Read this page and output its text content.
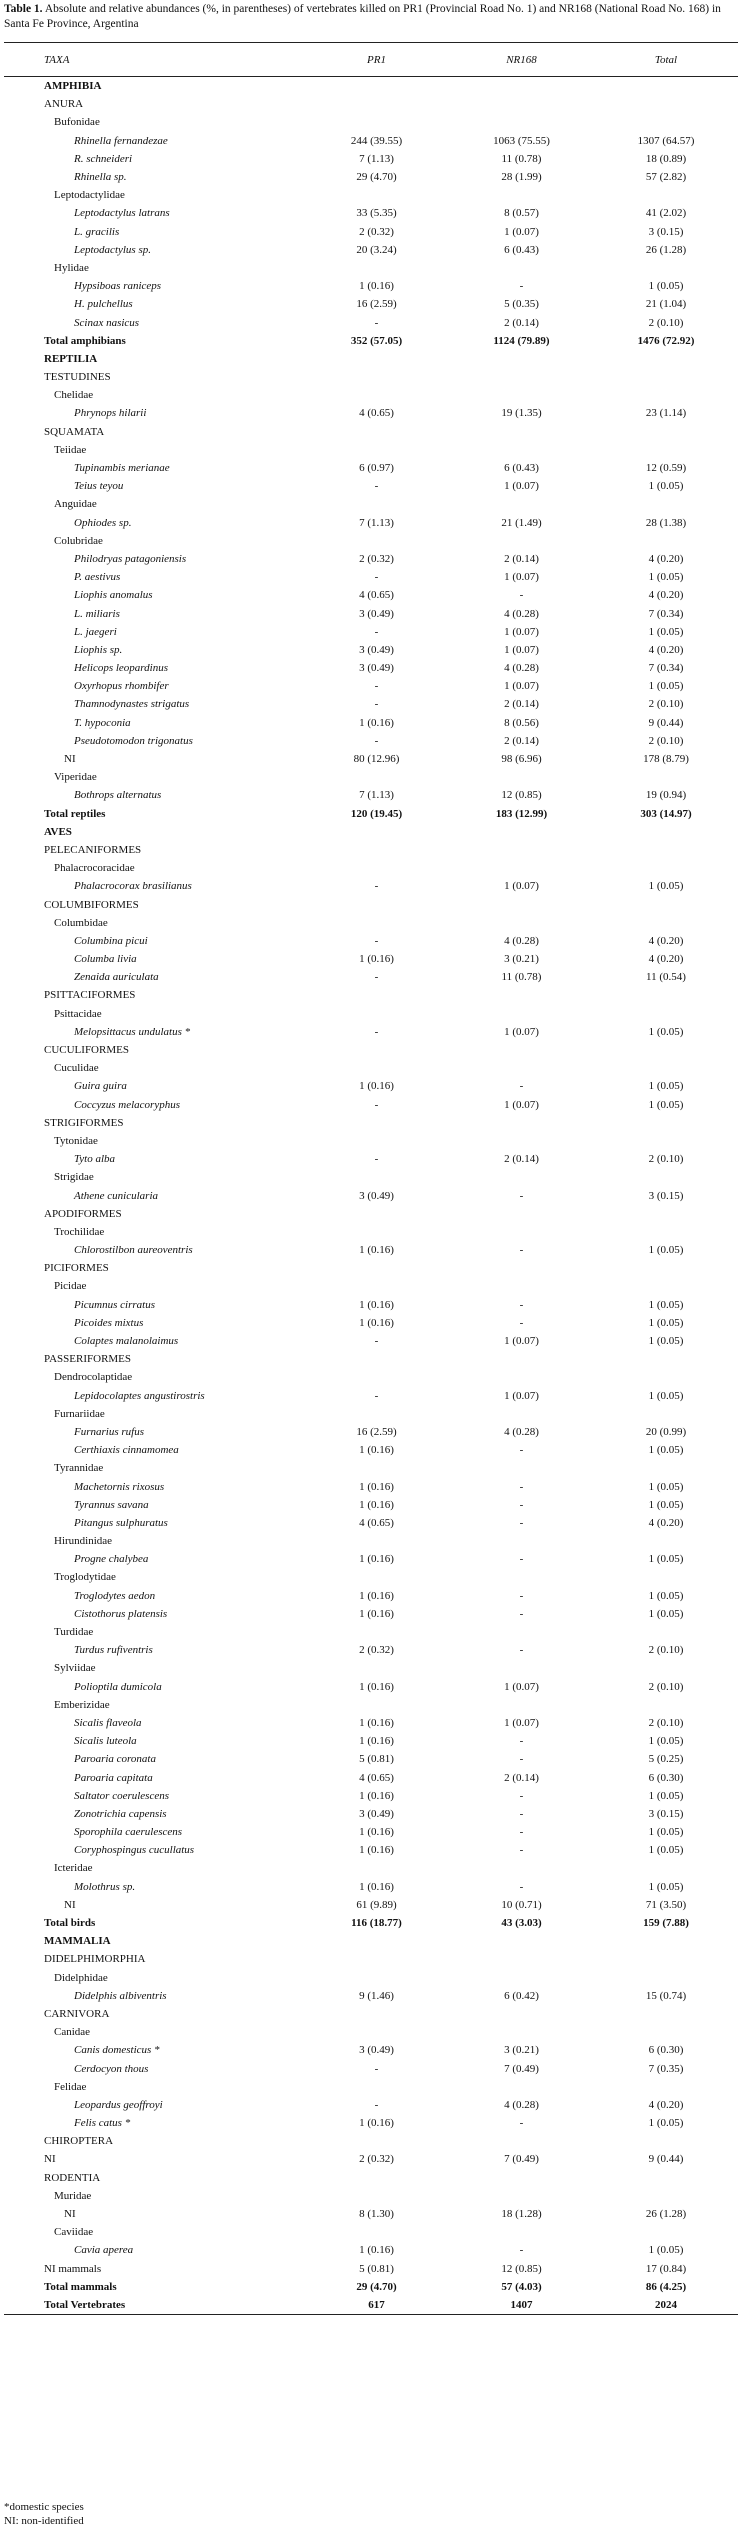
Table 1. Absolute and relative abundances (%, in parentheses) of vertebrates killed on PR1 (Provincial Road No. 1) and NR168 (National Road No. 168) in Santa Fe Province, Argentina
TAXA	PR1	NR168	Total
AMPHIBIA			
ANURA			
Bufonidae			
Rhinella fernandezae	244 (39.55)	1063 (75.55)	1307 (64.57)
R. schneideri	7 (1.13)	11 (0.78)	18 (0.89)
Rhinella sp.	29 (4.70)	28 (1.99)	57 (2.82)
Leptodactylidae			
Leptodactylus latrans	33 (5.35)	8 (0.57)	41 (2.02)
L. gracilis	2 (0.32)	1 (0.07)	3 (0.15)
Leptodactylus sp.	20 (3.24)	6 (0.43)	26 (1.28)
Hylidae			
Hypsiboas raniceps	1 (0.16)	-	1 (0.05)
H. pulchellus	16 (2.59)	5 (0.35)	21 (1.04)
Scinax nasicus	-	2 (0.14)	2 (0.10)
Total amphibians	352 (57.05)	1124 (79.89)	1476 (72.92)
REPTILIA			
TESTUDINES			
Chelidae			
Phrynops hilarii	4 (0.65)	19 (1.35)	23 (1.14)
SQUAMATA			
Teiidae			
Tupinambis merianae	6 (0.97)	6 (0.43)	12 (0.59)
Teius teyou	-	1 (0.07)	1 (0.05)
Anguidae			
Ophiodes sp.	7 (1.13)	21 (1.49)	28 (1.38)
Colubridae			
Philodryas patagoniensis	2 (0.32)	2 (0.14)	4 (0.20)
P. aestivus	-	1 (0.07)	1 (0.05)
Liophis anomalus	4 (0.65)	-	4 (0.20)
L. miliaris	3 (0.49)	4 (0.28)	7 (0.34)
L. jaegeri	-	1 (0.07)	1 (0.05)
Liophis sp.	3 (0.49)	1 (0.07)	4 (0.20)
Helicops leopardinus	3 (0.49)	4 (0.28)	7 (0.34)
Oxyrhopus rhombifer	-	1 (0.07)	1 (0.05)
Thamnodynastes strigatus	-	2 (0.14)	2 (0.10)
T. hypoconia	1 (0.16)	8 (0.56)	9 (0.44)
Pseudotomodon trigonatus	-	2 (0.14)	2 (0.10)
NI	80 (12.96)	98 (6.96)	178 (8.79)
Viperidae			
Bothrops alternatus	7 (1.13)	12 (0.85)	19 (0.94)
Total reptiles	120 (19.45)	183 (12.99)	303 (14.97)
AVES			
PELECANIFORMES			
Phalacrocoracidae			
Phalacrocorax brasilianus	-	1 (0.07)	1 (0.05)
COLUMBIFORMES			
Columbidae			
Columbina picui	-	4 (0.28)	4 (0.20)
Columba livia	1 (0.16)	3 (0.21)	4 (0.20)
Zenaida auriculata	-	11 (0.78)	11 (0.54)
PSITTACIFORMES			
Psittacidae			
Melopsittacus undulatus *	-	1 (0.07)	1 (0.05)
CUCULIFORMES			
Cuculidae			
Guira guira	1 (0.16)	-	1 (0.05)
Coccyzus melacoryphus	-	1 (0.07)	1 (0.05)
STRIGIFORMES			
Tytonidae			
Tyto alba	-	2 (0.14)	2 (0.10)
Strigidae			
Athene cunicularia	3 (0.49)	-	3 (0.15)
APODIFORMES			
Trochilidae			
Chlorostilbon aureoventris	1 (0.16)	-	1 (0.05)
PICIFORMES			
Picidae			
Picumnus cirratus	1 (0.16)	-	1 (0.05)
Picoides mixtus	1 (0.16)	-	1 (0.05)
Colaptes malanolaimus	-	1 (0.07)	1 (0.05)
PASSERIFORMES			
Dendrocolaptidae			
Lepidocolaptes angustirostris	-	1 (0.07)	1 (0.05)
Furnariidae			
Furnarius rufus	16 (2.59)	4 (0.28)	20 (0.99)
Certhiaxis cinnamomea	1 (0.16)	-	1 (0.05)
Tyrannidae			
Machetornis rixosus	1 (0.16)	-	1 (0.05)
Tyrannus savana	1 (0.16)	-	1 (0.05)
Pitangus sulphuratus	4 (0.65)	-	4 (0.20)
Hirundinidae			
Progne chalybea	1 (0.16)	-	1 (0.05)
Troglodytidae			
Troglodytes aedon	1 (0.16)	-	1 (0.05)
Cistothorus platensis	1 (0.16)	-	1 (0.05)
Turdidae			
Turdus rufiventris	2 (0.32)	-	2 (0.10)
Sylviidae			
Polioptila dumicola	1 (0.16)	1 (0.07)	2 (0.10)
Emberizidae			
Sicalis flaveola	1 (0.16)	1 (0.07)	2 (0.10)
Sicalis luteola	1 (0.16)	-	1 (0.05)
Paroaria coronata	5 (0.81)	-	5 (0.25)
Paroaria capitata	4 (0.65)	2 (0.14)	6 (0.30)
Saltator coerulescens	1 (0.16)	-	1 (0.05)
Zonotrichia capensis	3 (0.49)	-	3 (0.15)
Sporophila caerulescens	1 (0.16)	-	1 (0.05)
Coryphospingus cucullatus	1 (0.16)	-	1 (0.05)
Icteridae			
Molothrus sp.	1 (0.16)	-	1 (0.05)
NI	61 (9.89)	10 (0.71)	71 (3.50)
Total birds	116 (18.77)	43 (3.03)	159 (7.88)
MAMMALIA			
DIDELPHIMORPHIA			
Didelphidae			
Didelphis albiventris	9 (1.46)	6 (0.42)	15 (0.74)
CARNIVORA			
Canidae			
Canis domesticus *	3 (0.49)	3 (0.21)	6 (0.30)
Cerdocyon thous	-	7 (0.49)	7 (0.35)
Felidae			
Leopardus geoffroyi	-	4 (0.28)	4 (0.20)
Felis catus *	1 (0.16)	-	1 (0.05)
CHIROPTERA			
NI	2 (0.32)	7 (0.49)	9 (0.44)
RODENTIA			
Muridae			
NI	8 (1.30)	18 (1.28)	26 (1.28)
Caviidae			
Cavia aperea	1 (0.16)	-	1 (0.05)
NI mammals	5 (0.81)	12 (0.85)	17 (0.84)
Total mammals	29 (4.70)	57 (4.03)	86 (4.25)
Total Vertebrates	617	1407	2024
*domestic species
NI: non-identified
